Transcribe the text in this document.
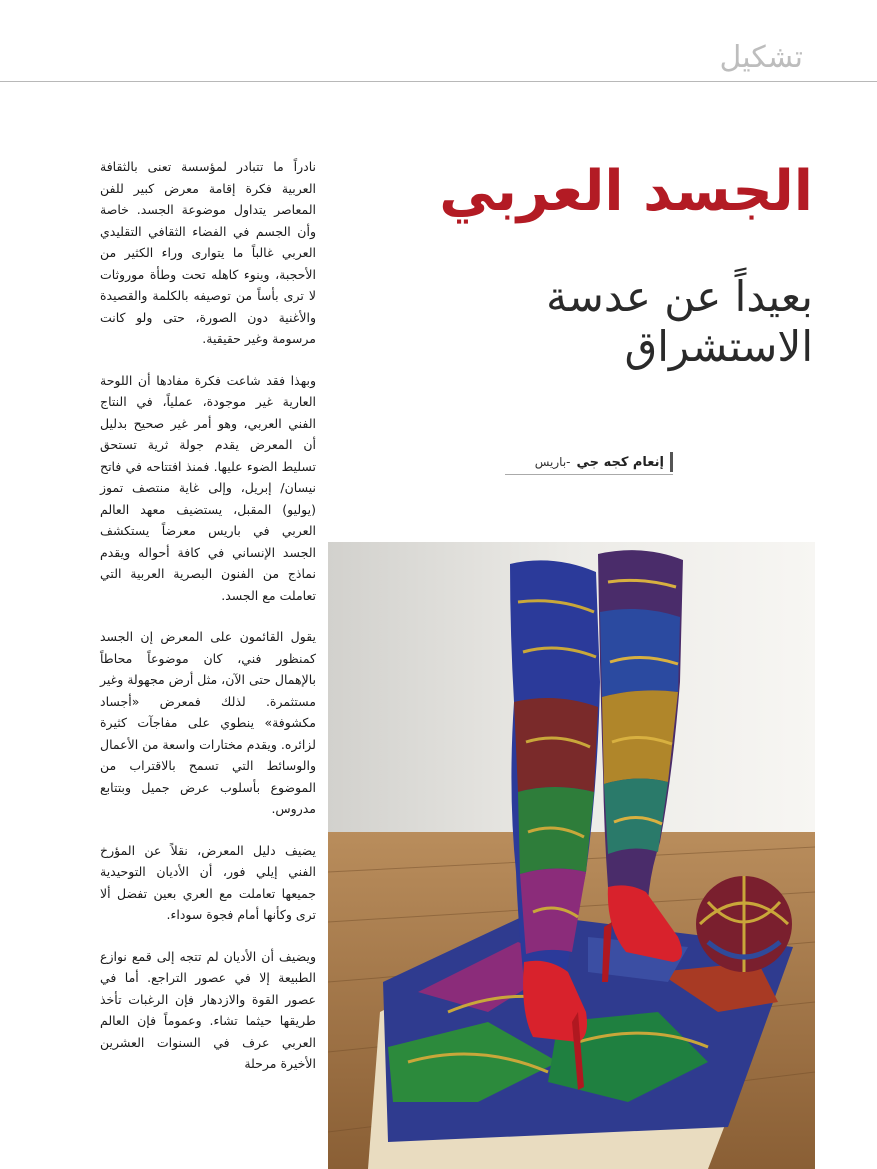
تشكيل
الجسد العربي
بعيداً عن عدسة الاستشراق
إنعام كجه جي
-باريس

نادراً ما تتبادر لمؤسسة تعنى بالثقافة العربية فكرة إقامة معرض كبير للفن المعاصر يتداول موضوعة الجسد. خاصة وأن الجسم في الفضاء الثقافي التقليدي العربي غالباً ما يتوارى وراء الكثير من الأحجبة، وينوء كاهله تحت وطأة موروثات لا ترى بأساً من توصيفه بالكلمة والقصيدة والأغنية دون الصورة، حتى ولو كانت مرسومة وغير حقيقية.

وبهذا فقد شاعت فكرة مفادها أن اللوحة العارية غير موجودة، عملياً، في النتاج الفني العربي، وهو أمر غير صحيح بدليل أن المعرض يقدم جولة ثرية تستحق تسليط الضوء عليها. فمنذ افتتاحه في فاتح نيسان/ إبريل، وإلى غاية منتصف تموز (يوليو) المقبل، يستضيف معهد العالم العربي في باريس معرضاً يستكشف الجسد الإنساني في كافة أحواله ويقدم نماذج من الفنون البصرية العربية التي تعاملت مع الجسد.

يقول القائمون على المعرض إن الجسد كمنظور فني، كان موضوعاً محاطاً بالإهمال حتى الآن، مثل أرض مجهولة وغير مستثمرة. لذلك فمعرض «أجساد مكشوفة» ينطوي على مفاجآت كثيرة لزائره. ويقدم مختارات واسعة من الأعمال والوسائط التي تسمح بالاقتراب من الموضوع بأسلوب عرض جميل وبتتابع مدروس.

يضيف دليل المعرض، نقلاً عن المؤرخ الفني إيلي فور، أن الأديان التوحيدية جميعها تعاملت مع العري بعين تفضل ألا ترى وكأنها أمام فجوة سوداء.

ويضيف أن الأديان لم تتجه إلى قمع نوازع الطبيعة إلا في عصور التراجع. أما في عصور القوة والازدهار فإن الرغبات تأخذ طريقها حيثما تشاء. وعموماً فإن العالم العربي عرف في السنوات العشرين الأخيرة مرحلة
